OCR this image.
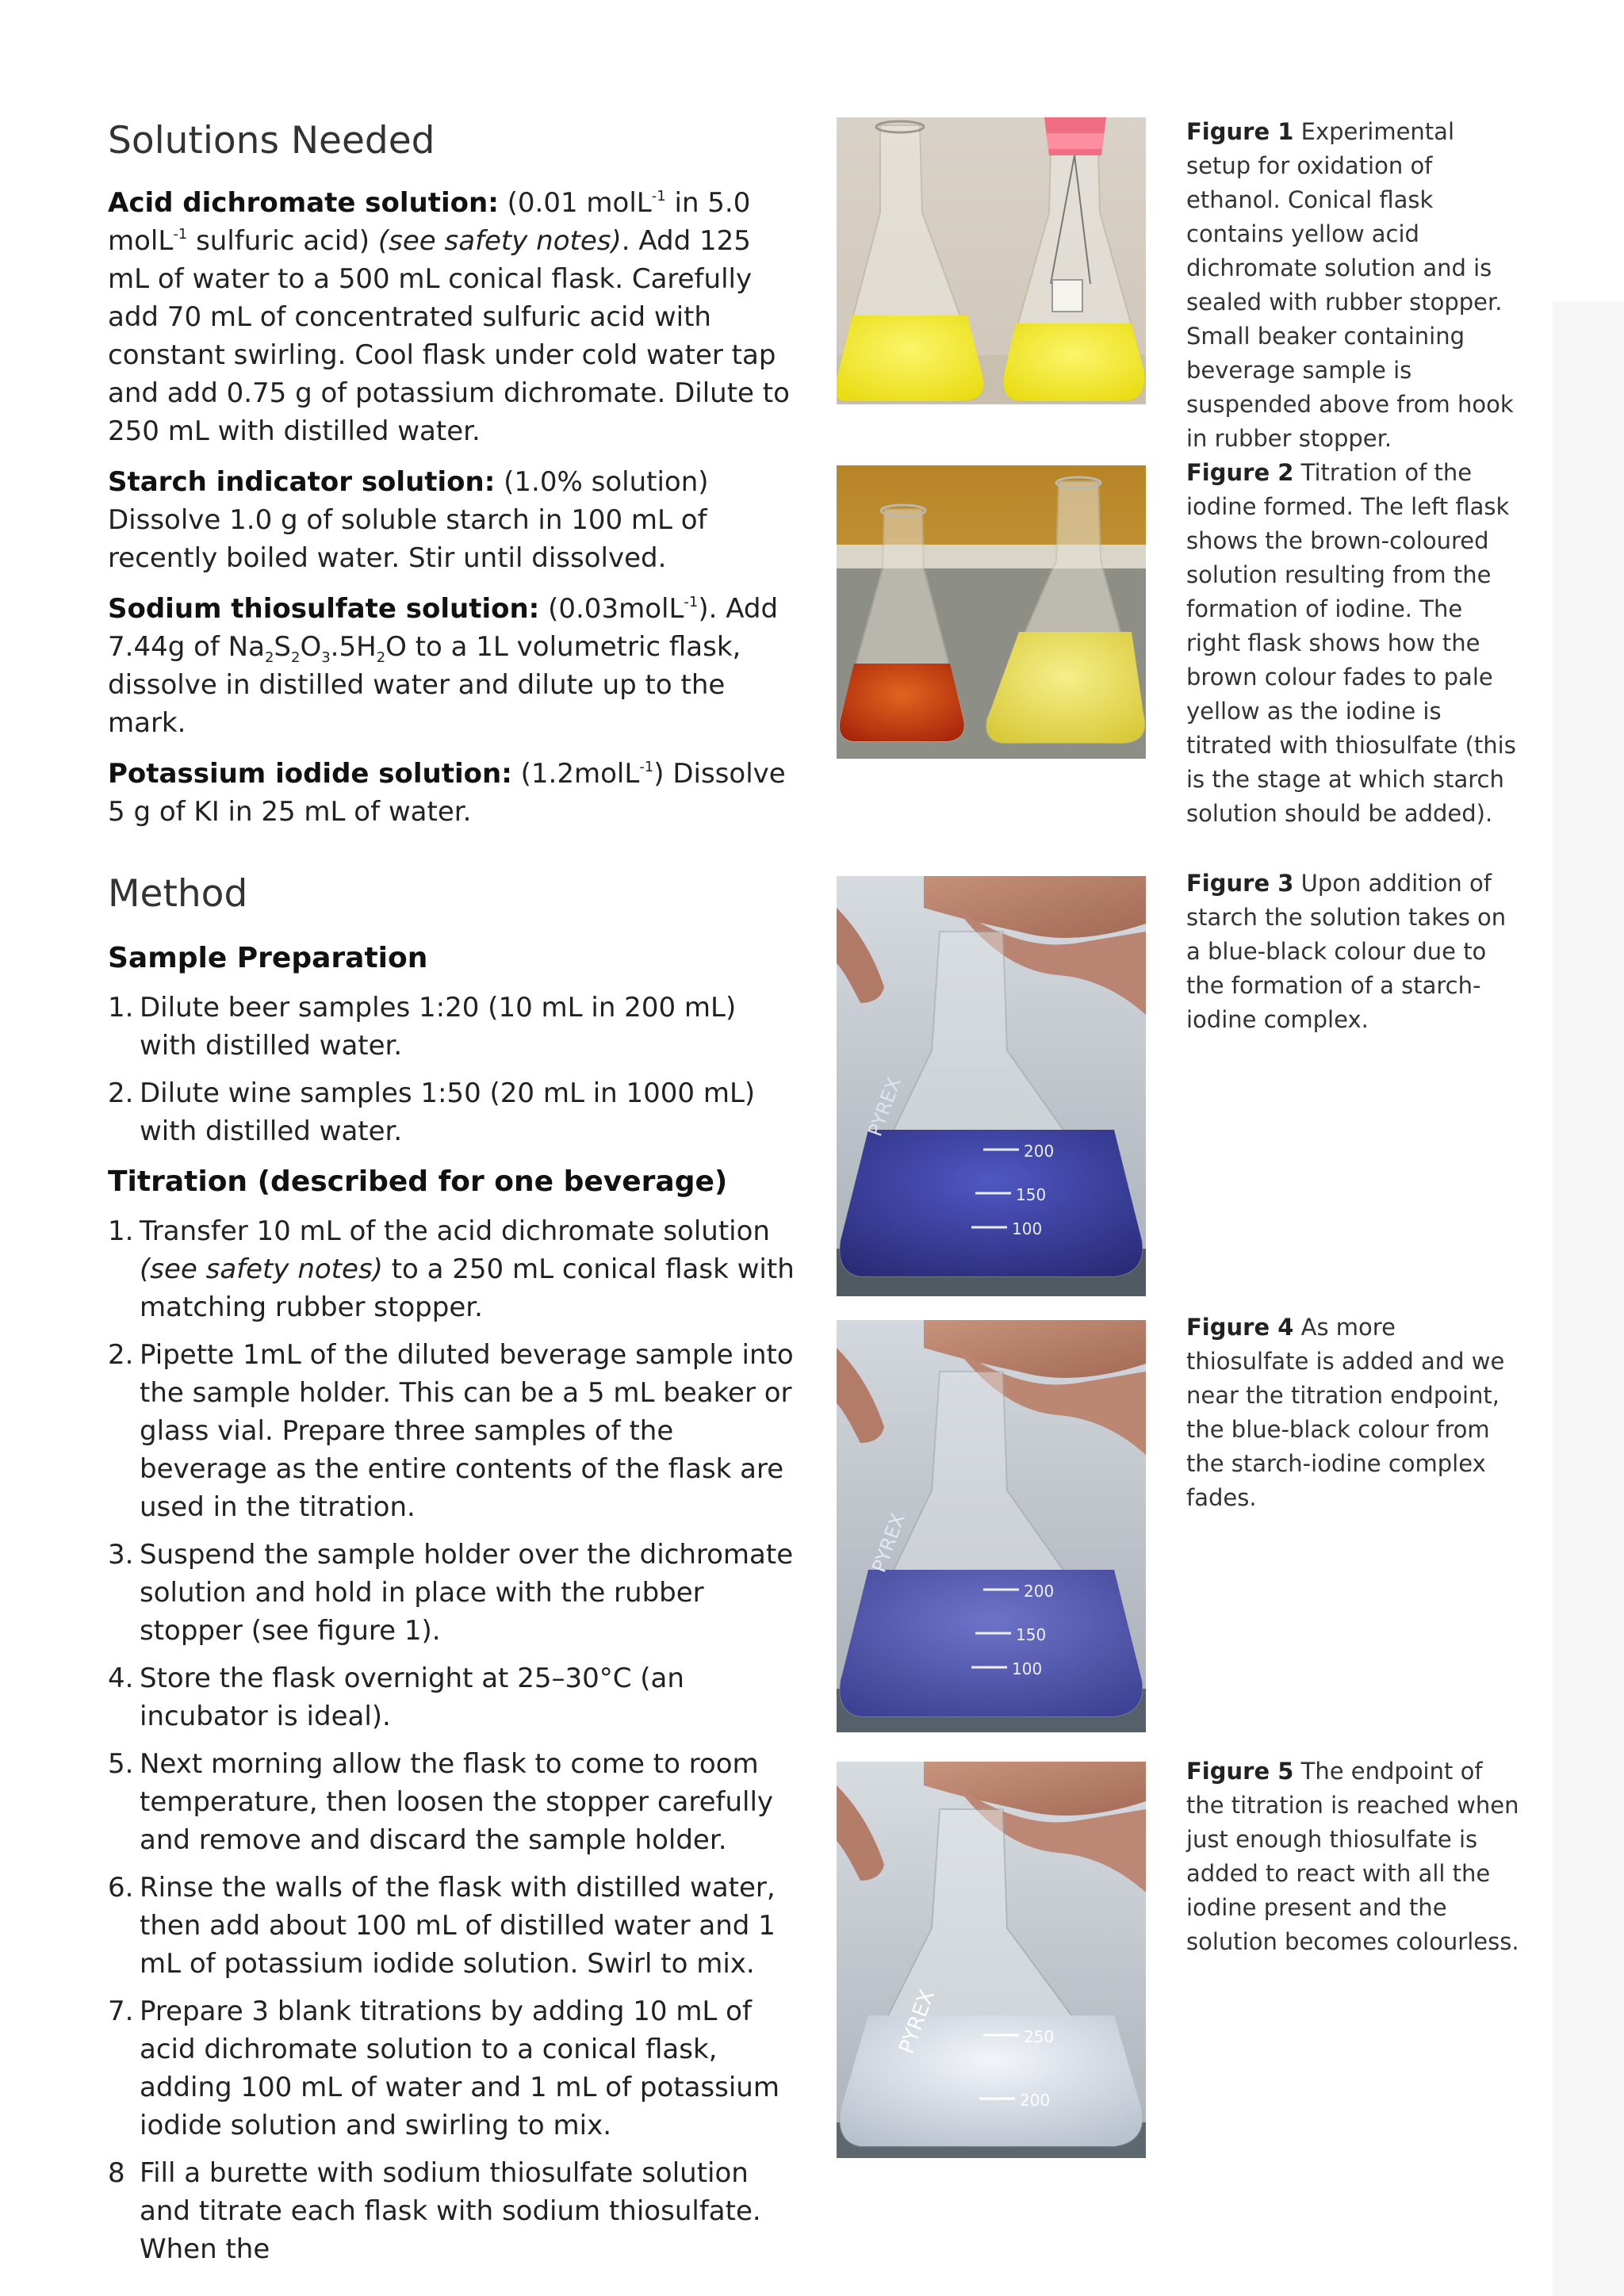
Solutions Needed

Acid dichromate solution: (0.01 molL$^{-1}$ in 5.0 molL$^{-1}$ sulfuric acid) (see safety notes). Add 125 mL of water to a 500 mL conical flask. Carefully add 70 mL of concentrated sulfuric acid with constant swirling. Cool flask under cold water tap and add 0.75 g of potassium dichromate. Dilute to 250 mL with distilled water.

Starch indicator solution: (1.0% solution) Dissolve 1.0 g of soluble starch in 100 mL of recently boiled water. Stir until dissolved.

Sodium thiosulfate solution: (0.03molL$^{-1}$). Add 7.44g of $Na_2S_2O_3.5H_2O$ to a 1L volumetric flask, dissolve in distilled water and dilute up to the mark.

Potassium iodide solution: (1.2molL$^{-1}$) Dissolve 5 g of KI in 25 mL of water.

Method
Sample Preparation
1. Dilute beer samples 1:20 (10 mL in 200 mL) with distilled water.
2. Dilute wine samples 1:50 (20 mL in 1000 mL) with distilled water.
Titration (described for one beverage)
1. Transfer 10 mL of the acid dichromate solution (see safety notes) to a 250 mL conical flask with matching rubber stopper.
2. Pipette 1mL of the diluted beverage sample into the sample holder. This can be a 5 mL beaker or glass vial. Prepare three samples of the beverage as the entire contents of the flask are used in the titration.
3. Suspend the sample holder over the dichromate solution and hold in place with the rubber stopper (see figure 1).
4. Store the flask overnight at 25–30°C (an incubator is ideal).
5. Next morning allow the flask to come to room temperature, then loosen the stopper carefully and remove and discard the sample holder.
6. Rinse the walls of the flask with distilled water, then add about 100 mL of distilled water and 1 mL of potassium iodide solution. Swirl to mix.
7. Prepare 3 blank titrations by adding 10 mL of acid dichromate solution to a conical flask, adding 100 mL of water and 1 mL of potassium iodide solution and swirling to mix.
8 Fill a burette with sodium thiosulfate solution and titrate each flask with sodium thiosulfate. When the
200
150
100
PYREX
200
150
100
PYREX
250
200
PYREX
Figure 1 Experimental setup for oxidation of ethanol. Conical flask contains yellow acid dichromate solution and is sealed with rubber stopper. Small beaker containing beverage sample is suspended above from hook in rubber stopper.
Figure 2 Titration of the iodine formed. The left flask shows the brown-coloured solution resulting from the formation of iodine. The right flask shows how the brown colour fades to pale yellow as the iodine is titrated with thiosulfate (this is the stage at which starch solution should be added).
Figure 3 Upon addition of starch the solution takes on a blue-black colour due to the formation of a starch-iodine complex.
Figure 4 As more thiosulfate is added and we near the titration endpoint, the blue-black colour from the starch-iodine complex fades.
Figure 5 The endpoint of the titration is reached when just enough thiosulfate is added to react with all the iodine present and the solution becomes colourless.
